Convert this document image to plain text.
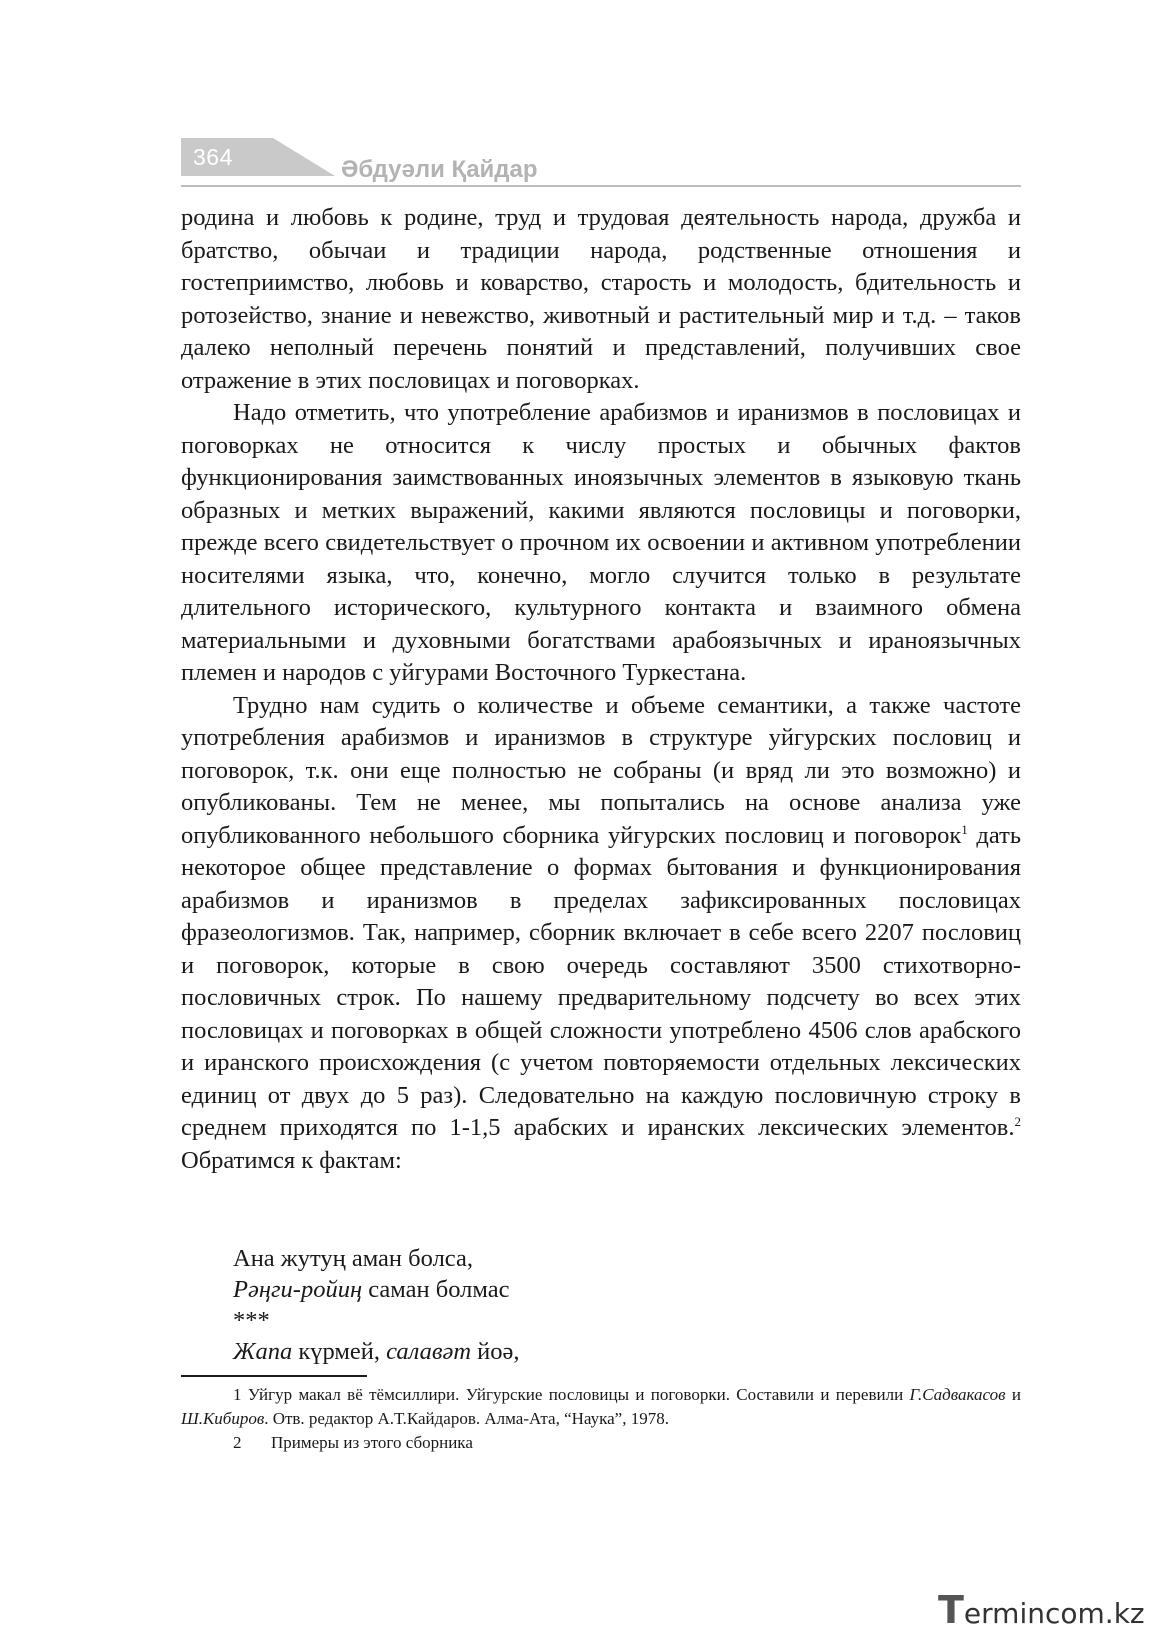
364	Әбдуәли Қайдар

родина и любовь к родине, труд и трудовая деятельность народа, дружба и братство, обычаи и традиции народа, родственные отношения и гостеприимство, любовь и коварство, старость и молодость, бдительность и ротозейство, знание и невежство, животный и растительный мир и т.д. – таков далеко неполный перечень понятий и представлений, получивших свое отражение в этих пословицах и поговорках.

Надо отметить, что употребление арабизмов и иранизмов в пословицах и поговорках не относится к числу простых и обычных фактов функционирования заимствованных иноязычных элементов в языковую ткань образных и метких выражений, какими являются пословицы и поговорки, прежде всего свидетельствует о прочном их освоении и активном употреблении носителями языка, что, конечно, могло случится только в результате длительного исторического, культурного контакта и взаимного обмена материальными и духовными богатствами арабоязычных и ираноязычных племен и народов с уйгурами Восточного Туркестана.

Трудно нам судить о количестве и объеме семантики, а также частоте употребления арабизмов и иранизмов в структуре уйгурских пословиц и поговорок, т.к. они еще полностью не собраны (и вряд ли это возможно) и опубликованы. Тем не менее, мы попытались на основе анализа уже опубликованного небольшого сборника уйгурских пословиц и поговорок$^1$ дать некоторое общее представление о формах бытования и функционирования арабизмов и иранизмов в пределах зафиксированных пословицах фразеологизмов. Так, например, сборник включает в себе всего 2207 пословиц и поговорок, которые в свою очередь составляют 3500 стихотворно-пословичных строк. По нашему предварительному подсчету во всех этих пословицах и поговорках в общей сложности употреблено 4506 слов арабского и иранского происхождения (с учетом повторяемости отдельных лексических единиц от двух до 5 раз). Следовательно на каждую пословичную строку в среднем приходятся по 1-1,5 арабских и иранских лексических элементов.$^2$ Обратимся к фактам:

Ана жутуң аман болса,
Рәңги-ройиң саман болмас
***
Жапа күрмей, салавәт йоә,

1 Уйгур макал вё тёмсиллири. Уйгурские пословицы и поговорки. Составили и перевили Г.Садвакасов и Ш.Кибиров. Отв. редактор А.Т.Кайдаров. Алма-Ата, “Наука”, 1978.

2 Примеры из этого сборника

Termincom.kz
